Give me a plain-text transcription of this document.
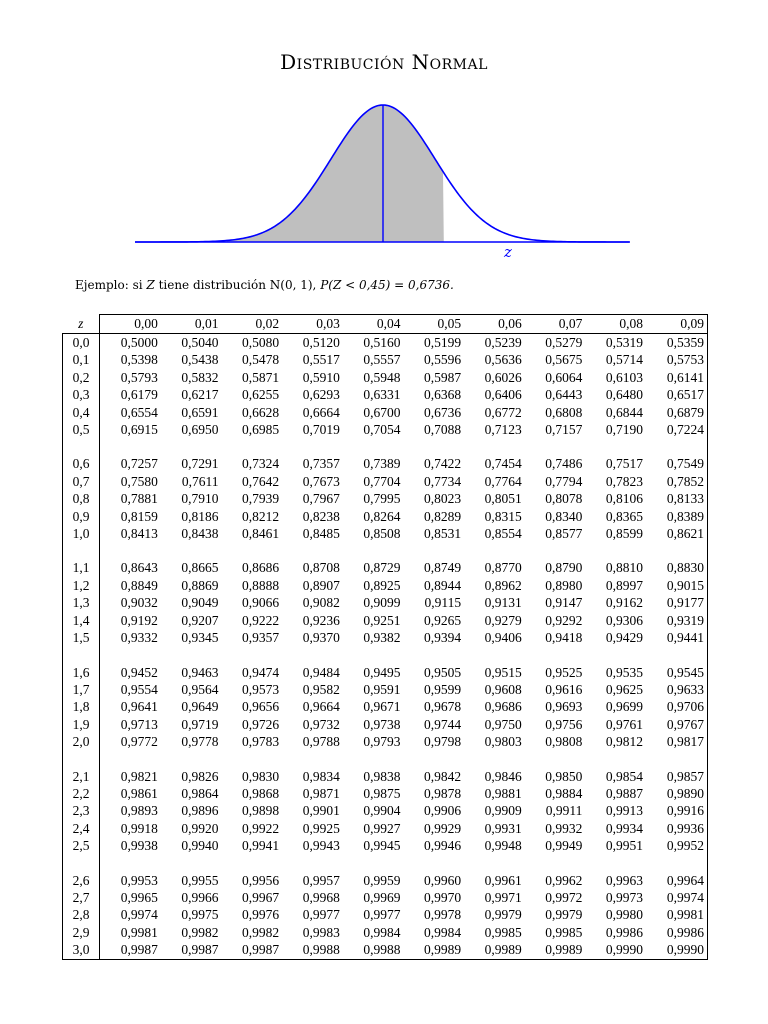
Distribución Normal
z
Ejemplo: si Z tiene distribución N(0, 1), P(Z < 0,45) = 0,6736.
z	0,00	0,01	0,02	0,03	0,04	0,05	0,06	0,07	0,08	0,09
0,0	0,5000	0,5040	0,5080	0,5120	0,5160	0,5199	0,5239	0,5279	0,5319	0,5359
0,1	0,5398	0,5438	0,5478	0,5517	0,5557	0,5596	0,5636	0,5675	0,5714	0,5753
0,2	0,5793	0,5832	0,5871	0,5910	0,5948	0,5987	0,6026	0,6064	0,6103	0,6141
0,3	0,6179	0,6217	0,6255	0,6293	0,6331	0,6368	0,6406	0,6443	0,6480	0,6517
0,4	0,6554	0,6591	0,6628	0,6664	0,6700	0,6736	0,6772	0,6808	0,6844	0,6879
0,5	0,6915	0,6950	0,6985	0,7019	0,7054	0,7088	0,7123	0,7157	0,7190	0,7224

0,6	0,7257	0,7291	0,7324	0,7357	0,7389	0,7422	0,7454	0,7486	0,7517	0,7549
0,7	0,7580	0,7611	0,7642	0,7673	0,7704	0,7734	0,7764	0,7794	0,7823	0,7852
0,8	0,7881	0,7910	0,7939	0,7967	0,7995	0,8023	0,8051	0,8078	0,8106	0,8133
0,9	0,8159	0,8186	0,8212	0,8238	0,8264	0,8289	0,8315	0,8340	0,8365	0,8389
1,0	0,8413	0,8438	0,8461	0,8485	0,8508	0,8531	0,8554	0,8577	0,8599	0,8621

1,1	0,8643	0,8665	0,8686	0,8708	0,8729	0,8749	0,8770	0,8790	0,8810	0,8830
1,2	0,8849	0,8869	0,8888	0,8907	0,8925	0,8944	0,8962	0,8980	0,8997	0,9015
1,3	0,9032	0,9049	0,9066	0,9082	0,9099	0,9115	0,9131	0,9147	0,9162	0,9177
1,4	0,9192	0,9207	0,9222	0,9236	0,9251	0,9265	0,9279	0,9292	0,9306	0,9319
1,5	0,9332	0,9345	0,9357	0,9370	0,9382	0,9394	0,9406	0,9418	0,9429	0,9441

1,6	0,9452	0,9463	0,9474	0,9484	0,9495	0,9505	0,9515	0,9525	0,9535	0,9545
1,7	0,9554	0,9564	0,9573	0,9582	0,9591	0,9599	0,9608	0,9616	0,9625	0,9633
1,8	0,9641	0,9649	0,9656	0,9664	0,9671	0,9678	0,9686	0,9693	0,9699	0,9706
1,9	0,9713	0,9719	0,9726	0,9732	0,9738	0,9744	0,9750	0,9756	0,9761	0,9767
2,0	0,9772	0,9778	0,9783	0,9788	0,9793	0,9798	0,9803	0,9808	0,9812	0,9817

2,1	0,9821	0,9826	0,9830	0,9834	0,9838	0,9842	0,9846	0,9850	0,9854	0,9857
2,2	0,9861	0,9864	0,9868	0,9871	0,9875	0,9878	0,9881	0,9884	0,9887	0,9890
2,3	0,9893	0,9896	0,9898	0,9901	0,9904	0,9906	0,9909	0,9911	0,9913	0,9916
2,4	0,9918	0,9920	0,9922	0,9925	0,9927	0,9929	0,9931	0,9932	0,9934	0,9936
2,5	0,9938	0,9940	0,9941	0,9943	0,9945	0,9946	0,9948	0,9949	0,9951	0,9952

2,6	0,9953	0,9955	0,9956	0,9957	0,9959	0,9960	0,9961	0,9962	0,9963	0,9964
2,7	0,9965	0,9966	0,9967	0,9968	0,9969	0,9970	0,9971	0,9972	0,9973	0,9974
2,8	0,9974	0,9975	0,9976	0,9977	0,9977	0,9978	0,9979	0,9979	0,9980	0,9981
2,9	0,9981	0,9982	0,9982	0,9983	0,9984	0,9984	0,9985	0,9985	0,9986	0,9986
3,0	0,9987	0,9987	0,9987	0,9988	0,9988	0,9989	0,9989	0,9989	0,9990	0,9990
